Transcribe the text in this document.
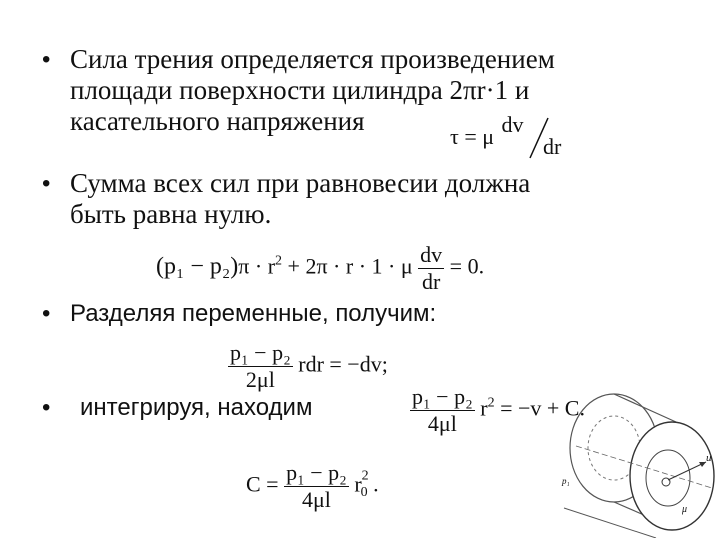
• Сила трения определяется произведением
площади поверхности цилиндра 2πr·1 и
касательного напряжения
τ = μ dv
dr
• Сумма всех сил при равновесии должна
быть равна нулю.
$(p_1 - p_2)\pi \cdot r^2 + 2\pi \cdot r \cdot 1 \cdot \mu \frac{dv}{dr} = 0$.
• Разделяя переменные, получим:
$\frac{\text{p₁ − p₂}}{2\mu l}$ rdr = −dv;
• интегрируя, находим	$\frac{\text{p₁ − p₂}}{4\mu l} r^2 = -v + C$.
$C = \frac{\text{p₁ − p₂}}{4\mu l} r^2_0$ .
u
p₁
μ
